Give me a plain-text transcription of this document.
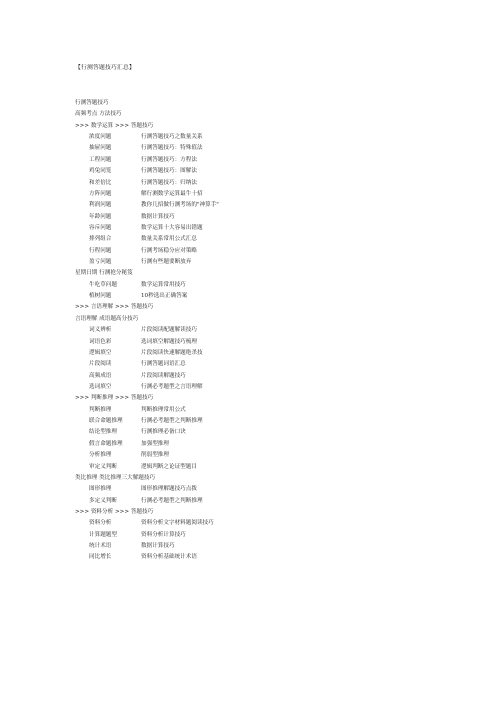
【行测答题技巧汇总】
行测答题技巧
高频考点 方法技巧
>>> 数学运算 >>> 答题技巧
浓度问题	行测答题技巧之数量关系
抽屉问题	行测答题技巧：特殊值法
工程问题	行测答题技巧：方程法
鸡兔同笼	行测答题技巧：图解法
和差倍比	行测答题技巧：归纳法
方阵问题	解行测数学运算最牛十招
利润问题	教你几招做行测考场的"神算手"
年龄问题	数据计算技巧
容斥问题	数学运算十大容易出错题
排列组合	数量关系常用公式汇总
行程问题	行测考场稳分应对策略
盈亏问题	行测有些题要断放弃
星期日期 行测抢分秘笈
牛吃草问题	数学运算常用技巧
植树问题	10秒选出正确答案
>>> 言语理解 >>> 答题技巧
言语理解 成语题高分技巧
词义辨析	片段阅读配题解读技巧
词语色彩	选词填空解题技巧梳理
逻辑填空	片段阅读快速解题绝杀技
片段阅读	行测答题词语汇总
高频成语	片段阅读解题技巧
选词填空	行测必考题型之言语理解
>>> 判断推理 >>> 答题技巧
判断推理	判断推理常用公式
联合命题推理	行测必考题型之判断推理
结论型推理	行测推理必备口诀
假言命题推理	加强型推理
分析推理	削弱型推理
审定义判断	逻辑判断之论证型题目
类比推理 类比推理三大解题技巧
图形推理	图形推理解题技巧点拨
多定义判断	行测必考题型之判断推理
>>> 资料分析 >>> 答题技巧
资料分析	资料分析文字材料题阅读技巧
计算题题型	资料分析计算技巧
统计术语	数据计算技巧
同比增长	资料分析基础统计术语
